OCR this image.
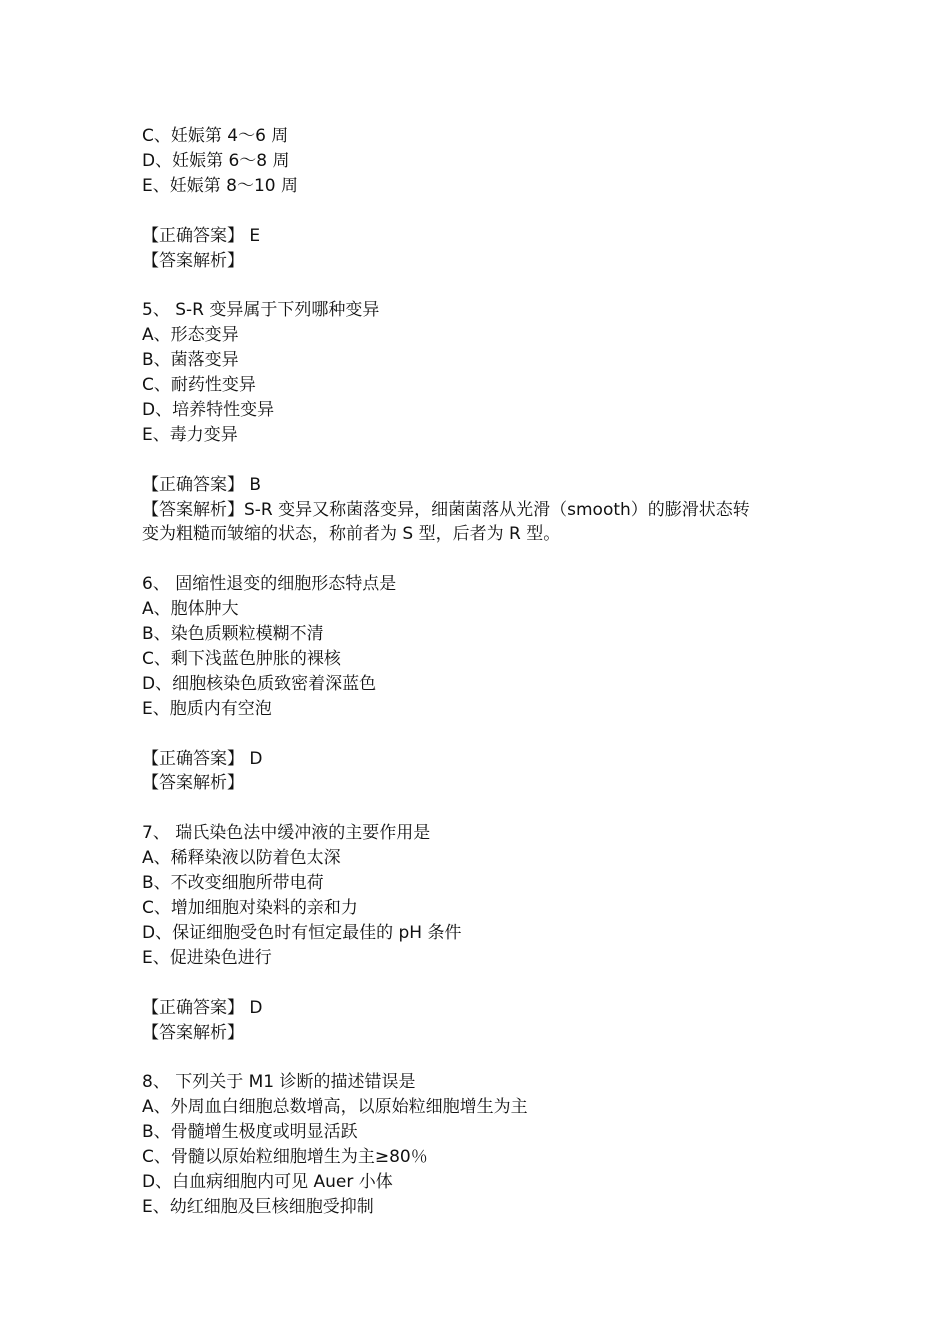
C、妊娠第 4～6 周
D、妊娠第 6～8 周
E、妊娠第 8～10 周
【正确答案】 E
【答案解析】
5、 S-R 变异属于下列哪种变异
A、形态变异
B、菌落变异
C、耐药性变异
D、培养特性变异
E、毒力变异
【正确答案】 B
【答案解析】S-R 变异又称菌落变异，细菌菌落从光滑（smooth）的膨滑状态转
变为粗糙而皱缩的状态，称前者为 S 型，后者为 R 型。
6、 固缩性退变的细胞形态特点是
A、胞体肿大
B、染色质颗粒模糊不清
C、剩下浅蓝色肿胀的裸核
D、细胞核染色质致密着深蓝色
E、胞质内有空泡
【正确答案】 D
【答案解析】
7、 瑞氏染色法中缓冲液的主要作用是
A、稀释染液以防着色太深
B、不改变细胞所带电荷
C、增加细胞对染料的亲和力
D、保证细胞受色时有恒定最佳的 pH 条件
E、促进染色进行
【正确答案】 D
【答案解析】
8、 下列关于 M1 诊断的描述错误是
A、外周血白细胞总数增高，以原始粒细胞增生为主
B、骨髓增生极度或明显活跃
C、骨髓以原始粒细胞增生为主≥80％
D、白血病细胞内可见 Auer 小体
E、幼红细胞及巨核细胞受抑制
